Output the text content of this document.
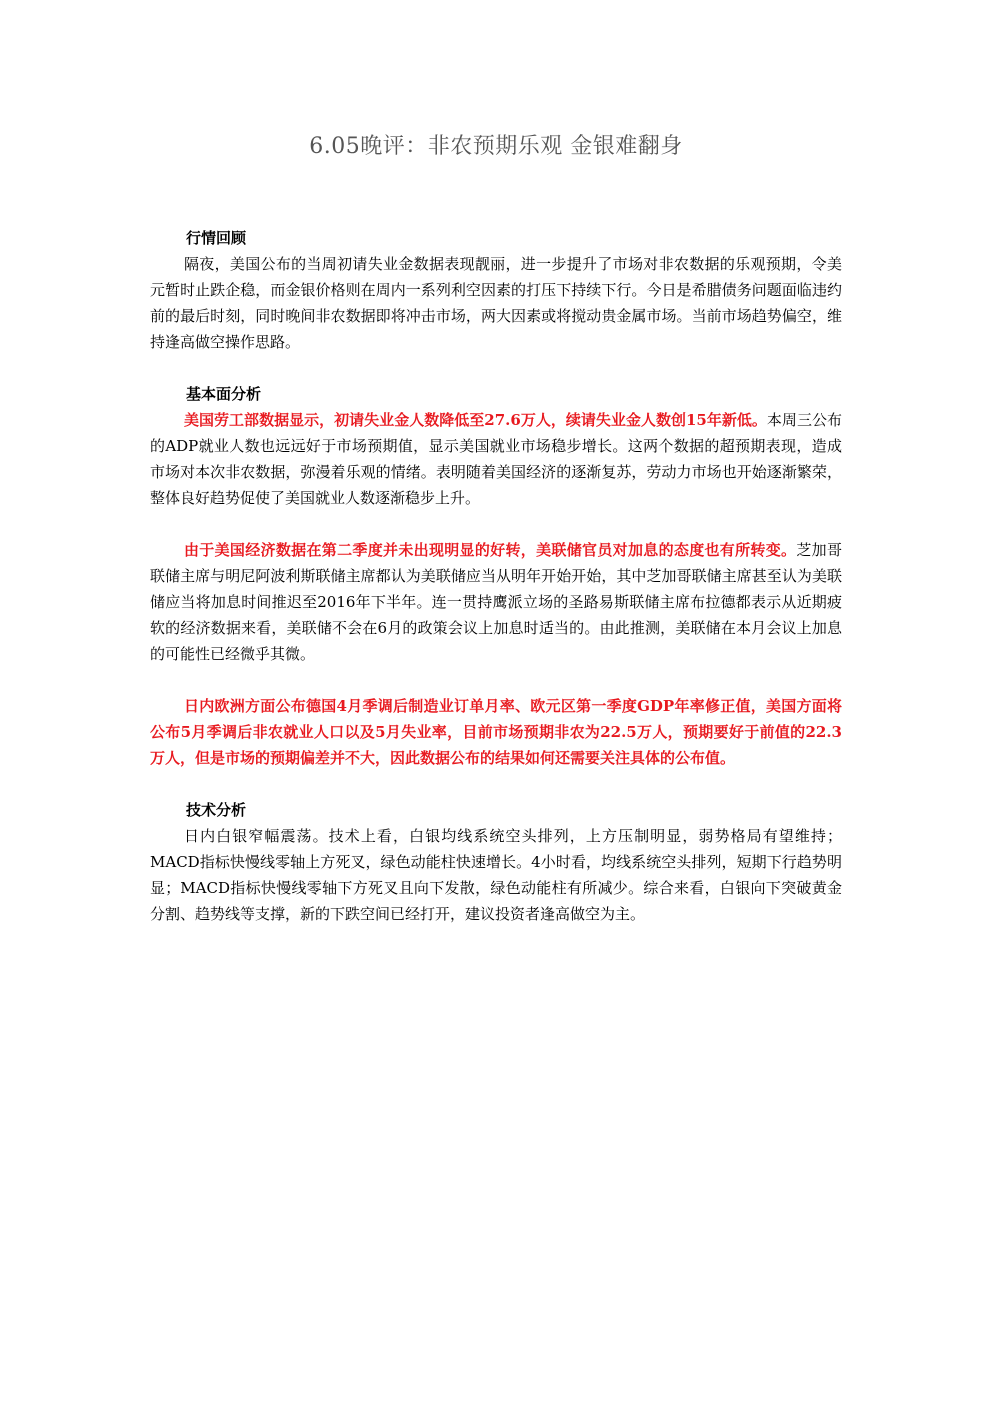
6.05晚评：非农预期乐观 金银难翻身

行情回顾

隔夜，美国公布的当周初请失业金数据表现靓丽，进一步提升了市场对非农数据的乐观预期，令美元暂时止跌企稳，而金银价格则在周内一系列利空因素的打压下持续下行。今日是希腊债务问题面临违约前的最后时刻，同时晚间非农数据即将冲击市场，两大因素或将搅动贵金属市场。当前市场趋势偏空，维持逢高做空操作思路。

基本面分析

美国劳工部数据显示，初请失业金人数降低至27.6万人，续请失业金人数创15年新低。本周三公布的ADP就业人数也远远好于市场预期值，显示美国就业市场稳步增长。这两个数据的超预期表现，造成市场对本次非农数据，弥漫着乐观的情绪。表明随着美国经济的逐渐复苏，劳动力市场也开始逐渐繁荣，整体良好趋势促使了美国就业人数逐渐稳步上升。

由于美国经济数据在第二季度并未出现明显的好转，美联储官员对加息的态度也有所转变。芝加哥联储主席与明尼阿波利斯联储主席都认为美联储应当从明年开始开始，其中芝加哥联储主席甚至认为美联储应当将加息时间推迟至2016年下半年。连一贯持鹰派立场的圣路易斯联储主席布拉德都表示从近期疲软的经济数据来看，美联储不会在6月的政策会议上加息时适当的。由此推测，美联储在本月会议上加息的可能性已经微乎其微。

日内欧洲方面公布德国4月季调后制造业订单月率、欧元区第一季度GDP年率修正值，美国方面将公布5月季调后非农就业人口以及5月失业率，目前市场预期非农为22.5万人，预期要好于前值的22.3万人，但是市场的预期偏差并不大，因此数据公布的结果如何还需要关注具体的公布值。

技术分析

日内白银窄幅震荡。技术上看，白银均线系统空头排列，上方压制明显，弱势格局有望维持；MACD指标快慢线零轴上方死叉，绿色动能柱快速增长。4小时看，均线系统空头排列，短期下行趋势明显；MACD指标快慢线零轴下方死叉且向下发散，绿色动能柱有所减少。综合来看，白银向下突破黄金分割、趋势线等支撑，新的下跌空间已经打开，建议投资者逢高做空为主。
